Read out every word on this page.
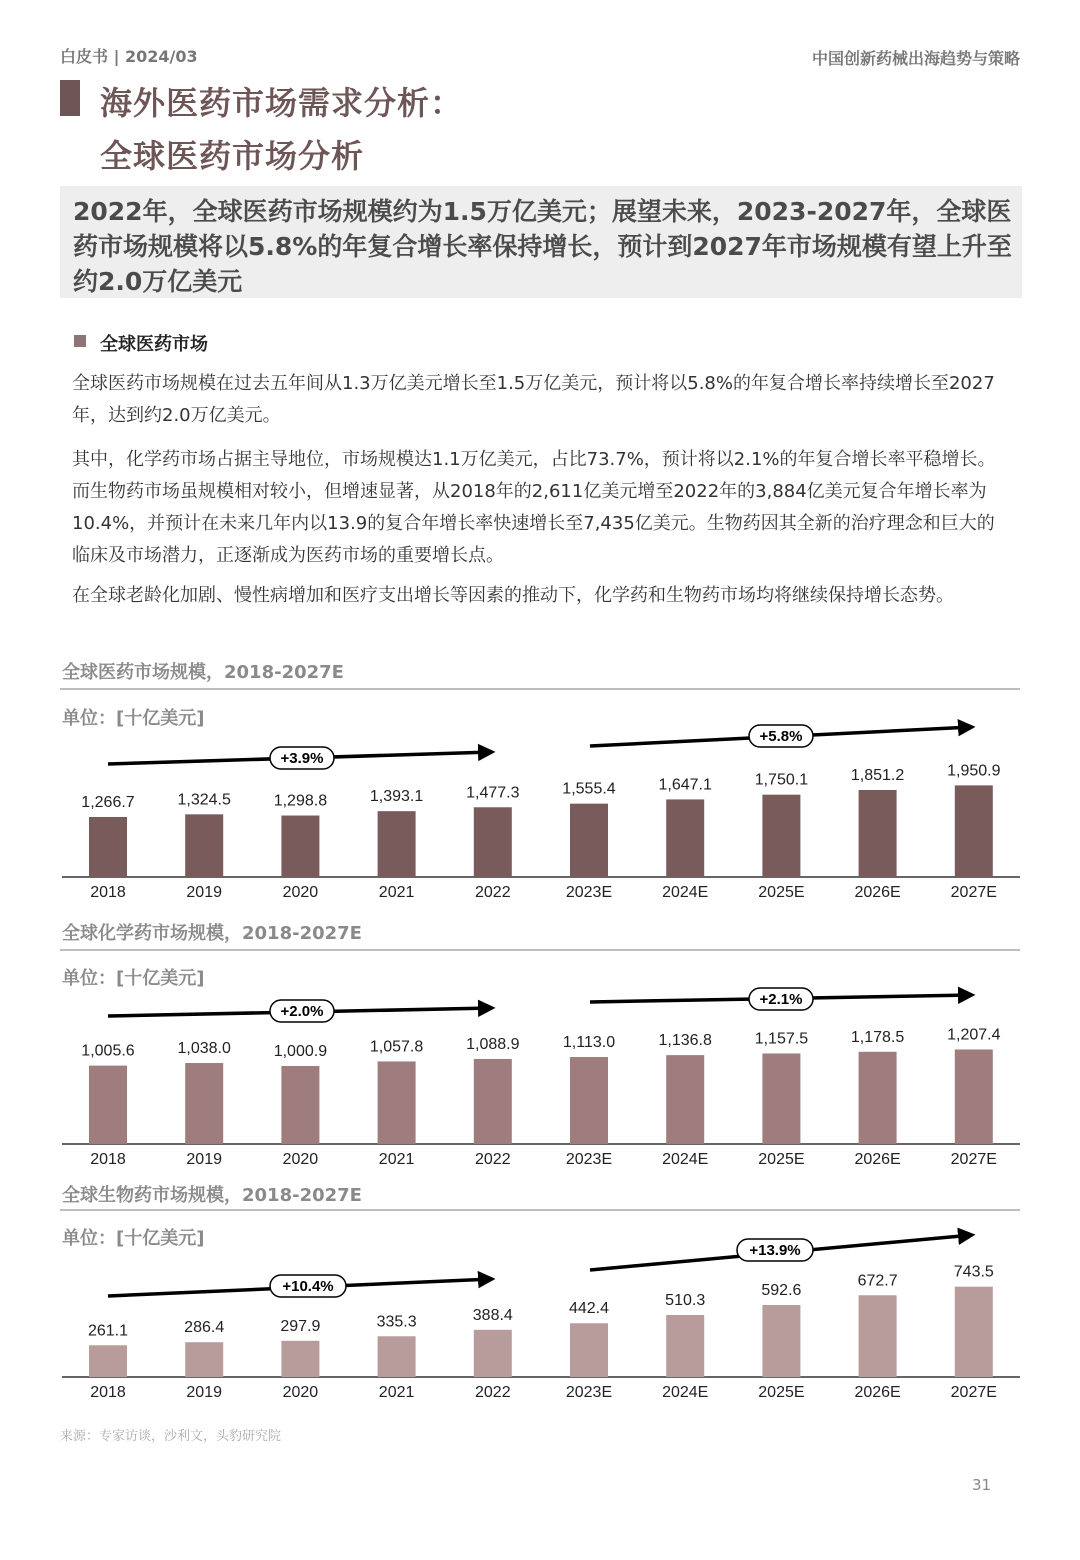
白皮书 | 2024/03	中国创新药械出海趋势与策略
海外医药市场需求分析：
全球医药市场分析

2022年，全球医药市场规模约为1.5万亿美元；展望未来，2023-2027年，全球医药市场规模将以5.8%的年复合增长率保持增长，预计到2027年市场规模有望上升至约2.0万亿美元

全球医药市场

全球医药市场规模在过去五年间从1.3万亿美元增长至1.5万亿美元，预计将以5.8%的年复合增长率持续增长至2027年，达到约2.0万亿美元。

其中，化学药市场占据主导地位，市场规模达1.1万亿美元，占比73.7%，预计将以2.1%的年复合增长率平稳增长。而生物药市场虽规模相对较小，但增速显著，从2018年的2,611亿美元增至2022年的3,884亿美元复合年增长率为10.4%，并预计在未来几年内以13.9的复合年增长率快速增长至7,435亿美元。生物药因其全新的治疗理念和巨大的临床及市场潜力，正逐渐成为医药市场的重要增长点。

在全球老龄化加剧、慢性病增加和医疗支出增长等因素的推动下，化学药和生物药市场均将继续保持增长态势。

全球医药市场规模，2018-2027E
单位：[十亿美元]
1,266.7
2018
1,324.5
2019
1,298.8
2020
1,393.1
2021
1,477.3
2022
1,555.4
2023E
1,647.1
2024E
1,750.1
2025E
1,851.2
2026E
1,950.9
2027E
+3.9%
+5.8%
全球化学药市场规模，2018-2027E
单位：[十亿美元]
1,005.6
2018
1,038.0
2019
1,000.9
2020
1,057.8
2021
1,088.9
2022
1,113.0
2023E
1,136.8
2024E
1,157.5
2025E
1,178.5
2026E
1,207.4
2027E
+2.0%
+2.1%
全球生物药市场规模，2018-2027E
单位：[十亿美元]
261.1
2018
286.4
2019
297.9
2020
335.3
2021
388.4
2022
442.4
2023E
510.3
2024E
592.6
2025E
672.7
2026E
743.5
2027E
+10.4%
+13.9%
来源：专家访谈，沙利文，头豹研究院
31
